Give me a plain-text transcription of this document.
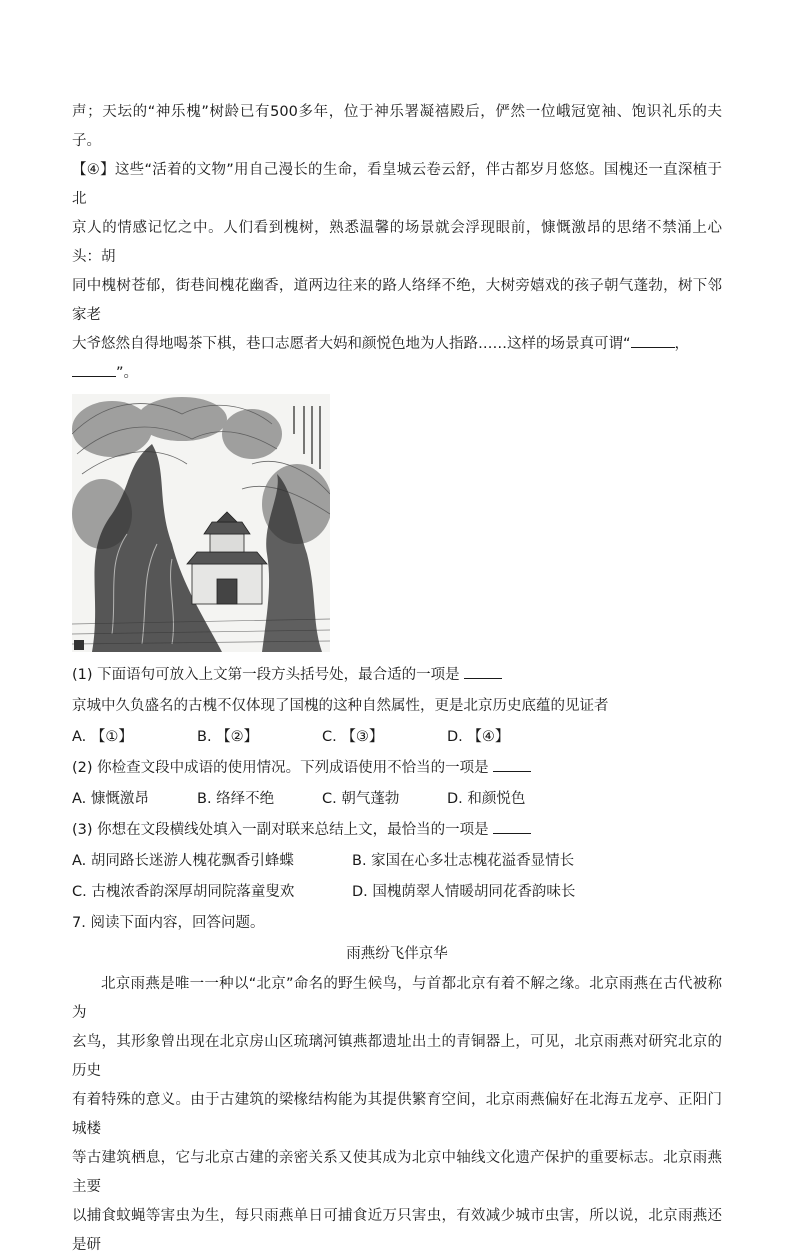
声；天坛的“神乐槐”树龄已有500多年，位于神乐署凝禧殿后，俨然一位峨冠宽袖、饱识礼乐的夫子。

【④】这些“活着的文物”用自己漫长的生命，看皇城云卷云舒，伴古都岁月悠悠。国槐还一直深植于北

京人的情感记忆之中。人们看到槐树，熟悉温馨的场景就会浮现眼前，慷慨激昂的思绪不禁涌上心头：胡

同中槐树苍郁，街巷间槐花幽香，道两边往来的路人络绎不绝，大树旁嬉戏的孩子朝气蓬勃，树下邻家老

大爷悠然自得地喝茶下棋，巷口志愿者大妈和颜悦色地为人指路……这样的场景真可谓“	，

”。

(1) 下面语句可放入上文第一段方头括号处，最合适的一项是

京城中久负盛名的古槐不仅体现了国槐的这种自然属性，更是北京历史底蕴的见证者

A. 【①】	B. 【②】	C. 【③】	D. 【④】

(2) 你检查文段中成语的使用情况。下列成语使用不恰当的一项是

A. 慷慨激昂	B. 络绎不绝	C. 朝气蓬勃	D. 和颜悦色

(3) 你想在文段横线处填入一副对联来总结上文，最恰当的一项是

A. 胡同路长迷游人槐花飘香引蜂蝶	B. 家国在心多壮志槐花溢香显情长
C. 古槐浓香韵深厚胡同院落童叟欢	D. 国槐荫翠人情暖胡同花香韵味长

7. 阅读下面内容，回答问题。

雨燕纷飞伴京华

北京雨燕是唯一一种以“北京”命名的野生候鸟，与首都北京有着不解之缘。北京雨燕在古代被称为

玄鸟，其形象曾出现在北京房山区琉璃河镇燕都遗址出土的青铜器上，可见，北京雨燕对研究北京的历史

有着特殊的意义。由于古建筑的梁椽结构能为其提供繁育空间，北京雨燕偏好在北海五龙亭、正阳门城楼

等古建筑栖息，它与北京古建的亲密关系又使其成为北京中轴线文化遗产保护的重要标志。北京雨燕主要

以捕食蚊蝇等害虫为生，每只雨燕单日可捕食近万只害虫，有效减少城市虫害，所以说，北京雨燕还是研
